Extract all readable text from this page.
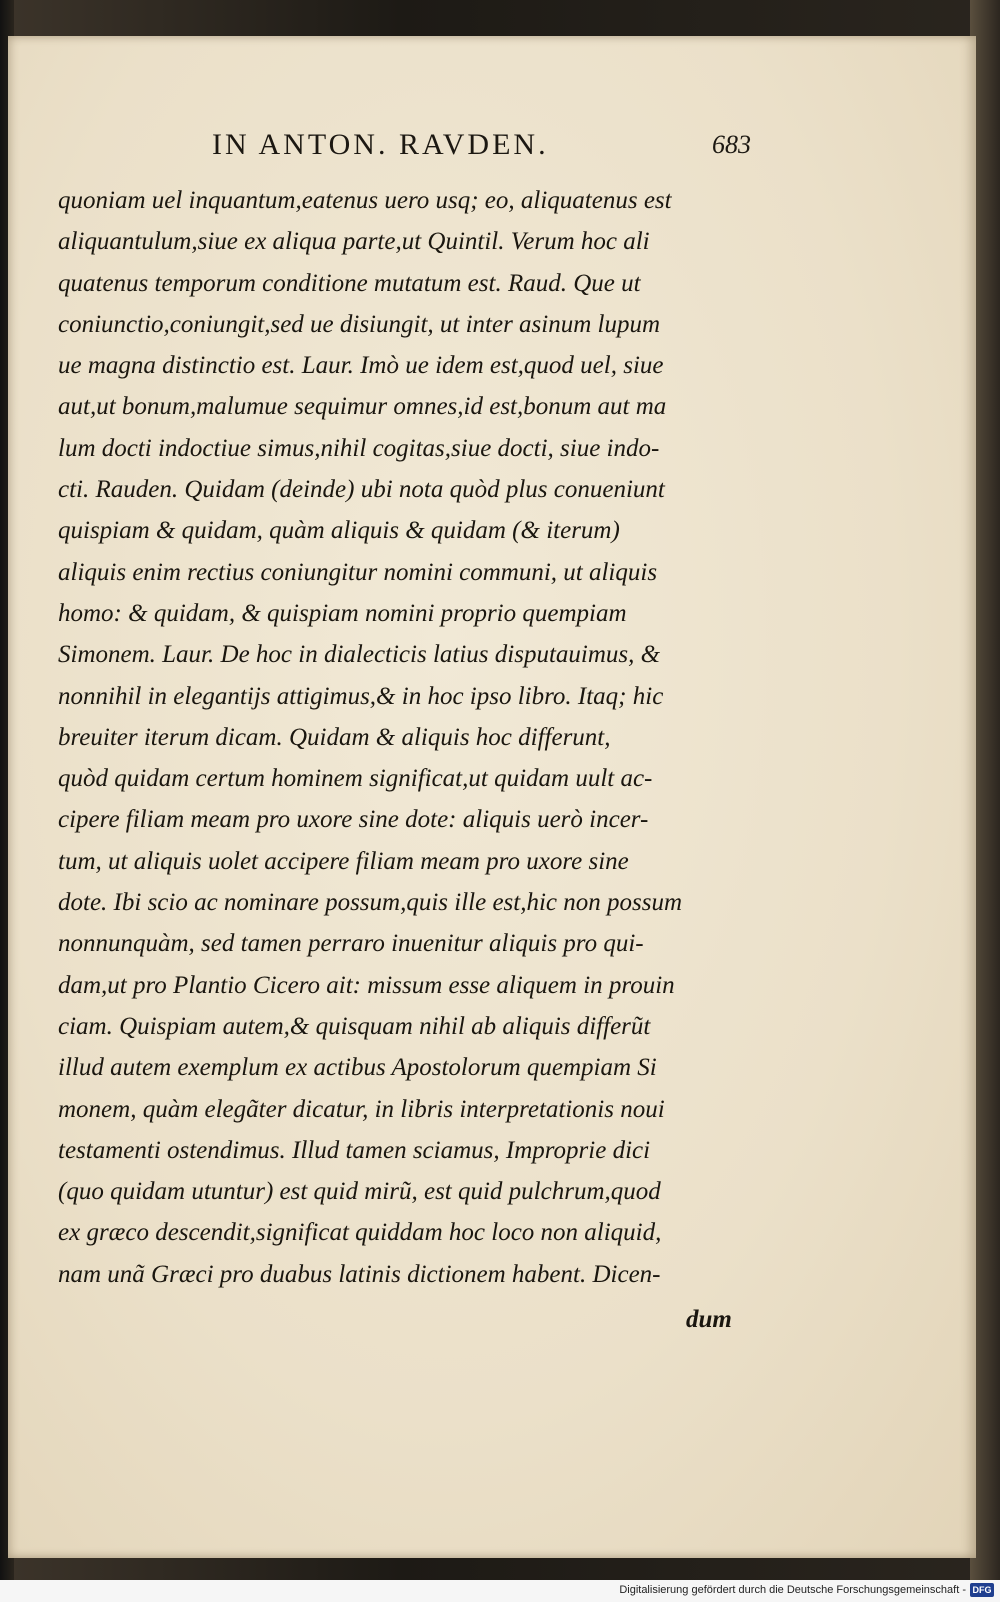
IN ANTON. RAVDEN.	683
quoniam uel inquantum,eatenus uero usq; eo, aliquatenus est
aliquantulum,siue ex aliqua parte,ut Quintil. Verum hoc ali
quatenus temporum conditione mutatum est. Raud. Que ut
coniunctio,coniungit,sed ue disiungit, ut inter asinum lupum
ue magna distinctio est. Laur. Imò ue idem est,quod uel, siue
aut,ut bonum,malumue sequimur omnes,id est,bonum aut ma
lum docti indoctiue simus,nihil cogitas,siue docti, siue indo-
cti. Rauden. Quidam (deinde) ubi nota quòd plus conueniunt
quispiam & quidam, quàm aliquis & quidam (& iterum)
aliquis enim rectius coniungitur nomini communi, ut aliquis
homo: & quidam, & quispiam nomini proprio quempiam
Simonem. Laur. De hoc in dialecticis latius disputauimus, &
nonnihil in elegantijs attigimus,& in hoc ipso libro. Itaq; hic
breuiter iterum dicam. Quidam & aliquis hoc differunt,
quòd quidam certum hominem significat,ut quidam uult ac-
cipere filiam meam pro uxore sine dote: aliquis uerò incer-
tum, ut aliquis uolet accipere filiam meam pro uxore sine
dote. Ibi scio ac nominare possum,quis ille est,hic non possum
nonnunquàm, sed tamen perraro inuenitur aliquis pro qui-
dam,ut pro Plantio Cicero ait: missum esse aliquem in prouin
ciam. Quispiam autem,& quisquam nihil ab aliquis differũt
illud autem exemplum ex actibus Apostolorum quempiam Si
monem, quàm elegãter dicatur, in libris interpretationis noui
testamenti ostendimus. Illud tamen sciamus, Improprie dici
(quo quidam utuntur) est quid mirũ, est quid pulchrum,quod
ex græco descendit,significat quiddam hoc loco non aliquid,
nam unã Græci pro duabus latinis dictionem habent. Dicen-
dum
Digitalisierung gefördert durch die Deutsche Forschungsgemeinschaft - DFG
